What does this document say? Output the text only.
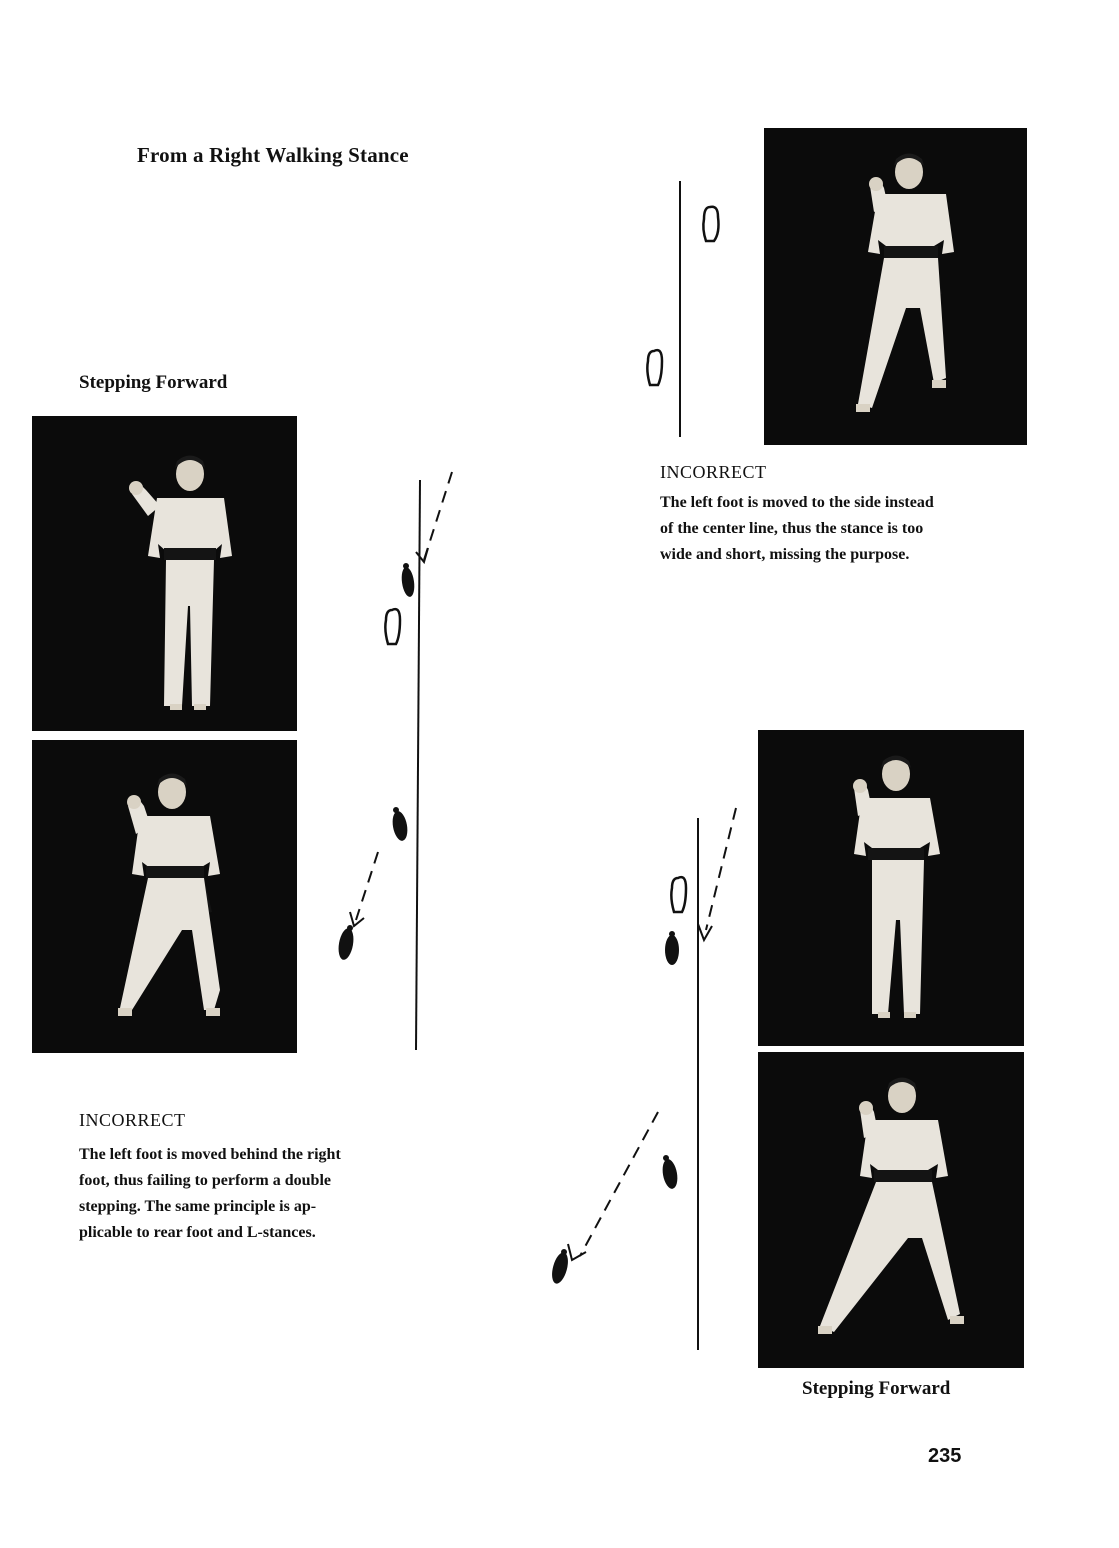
From a Right Walking Stance
Stepping Forward
INCORRECT
The left foot is moved behind the right
foot, thus failing to perform a double
stepping. The same principle is ap-
plicable to rear foot and L-stances.
INCORRECT
The left foot is moved to the side instead
of the center line, thus the stance is too
wide and short, missing the purpose.
Stepping Forward
235
